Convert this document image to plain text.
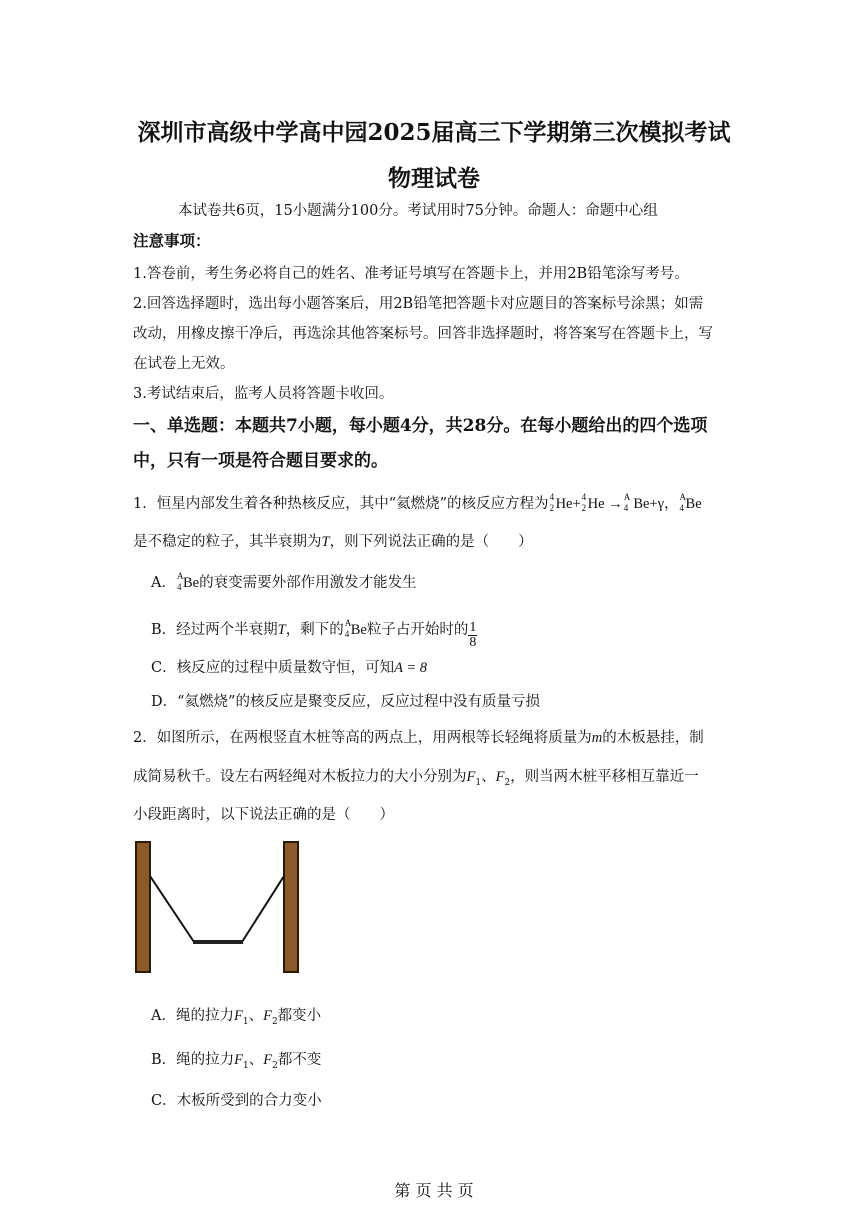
深圳市高级中学高中园2025届高三下学期第三次模拟考试
物理试卷
本试卷共6页，15小题满分100分。考试用时75分钟。命题人：命题中心组
注意事项：
1.答卷前，考生务必将自己的姓名、准考证号填写在答题卡上，并用2B铅笔涂写考号。
2.回答选择题时，选出每小题答案后，用2B铅笔把答题卡对应题目的答案标号涂黑；如需
改动，用橡皮擦干净后，再选涂其他答案标号。回答非选择题时，将答案写在答题卡上，写
在试卷上无效。
3.考试结束后，监考人员将答题卡收回。
一、单选题：本题共7小题，每小题4分，共28分。在每小题给出的四个选项
中，只有一项是符合题目要求的。
1．恒星内部发生着各种热核反应，其中“氦燃烧”的核反应方程为 4
2 He+ 4
2 He → A
4 Be+γ， A
4 Be
是不稳定的粒子，其半衰期为T，则下列说法正确的是（　　）
A． A
4 Be的衰变需要外部作用激发才能发生
B．经过两个半衰期T，剩下的 A
4 Be粒子占开始时的 $\frac{1}{8}$
C．核反应的过程中质量数守恒，可知A = 8
D．“氦燃烧”的核反应是聚变反应，反应过程中没有质量亏损
2．如图所示，在两根竖直木桩等高的两点上，用两根等长轻绳将质量为m的木板悬挂，制
成简易秋千。设左右两轻绳对木板拉力的大小分别为$F_1$、$F_2$，则当两木桩平移相互靠近一
小段距离时，以下说法正确的是（　　）
A．绳的拉力$F_1$、$F_2$都变小
B．绳的拉力$F_1$、$F_2$都不变
C．木板所受到的合力变小
第 页 共 页
